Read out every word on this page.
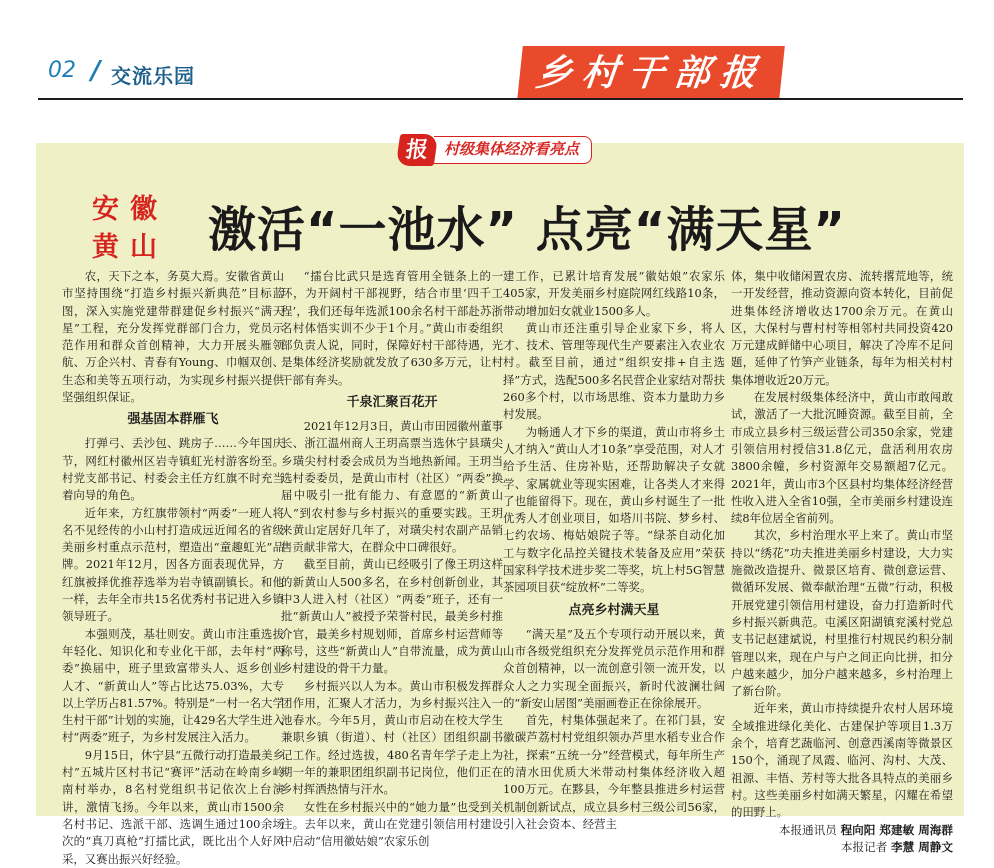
02 / 交流乐园	乡村干部报
报 村级集体经济看亮点
安徽
黄山 激活“一池水” 点亮“满天星”

农，天下之本，务莫大焉。安徽省黄山市坚持围绕“打造乡村振兴新典范”目标蓝图，深入实施党建带群建促乡村振兴“满天星”工程，充分发挥党群部门合力，党员示范作用和群众首创精神，大力开展头雁领航、万企兴村、青春有Young、巾帼双创、生态和美等五项行动，为实现乡村振兴提供坚强组织保证。

强基固本群雁飞

打弹弓、丢沙包、跳房子……今年国庆节，网红村徽州区岩寺镇虹光村游客纷至。村党支部书记、村委会主任方红旗不时充当着向导的角色。

近年来，方红旗带领村“两委”一班人将名不见经传的小山村打造成远近闻名的省级美丽乡村重点示范村，塑造出“童趣虹光”品牌。2021年12月，因各方面表现优异，方红旗被择优推荐选举为岩寺镇副镇长。和他一样，去年全市共15名优秀村书记进入乡镇领导班子。

本强则茂，基壮则安。黄山市注重选拔年轻化、知识化和专业化干部，去年村“两委”换届中，班子里致富带头人、返乡创业人才、“新黄山人”等占比达75.03%，大专以上学历占81.57%。特别是“一村一名大学生村干部”计划的实施，让429名大学生进入村“两委”班子，为乡村发展注入活力。

9月15日，休宁县“五微行动打造最美乡村”五城片区村书记“赛评”活动在岭南乡岭南村举办，8名村党组织书记依次上台演讲，激情飞扬。今年以来，黄山市1500余名村书记、选派干部、选调生通过100余场次的“真刀真枪”打擂比武，既比出个人好风采，又赛出振兴好经验。

“擂台比武只是选育管用全链条上的一环，为开阔村干部视野，结合市里‘四千工程’，我们还每年选派100余名村干部赴苏浙名村体悟实训不少于1个月。”黄山市委组织部负责人说，同时，保障好村干部待遇，光是集体经济奖励就发放了630多万元，让村干部有奔头。

千泉汇聚百花开

2021年12月3日，黄山市田园徽州董事长、浙江温州商人王玥高票当选休宁县璜尖乡璜尖村村委会成员为当地热新闻。王玥当选村委委员，是黄山市村（社区）“两委”换届中吸引一批有能力、有意愿的“新黄山人”到农村参与乡村振兴的重要实践。王玥来黄山定居好几年了，对璜尖村农副产品销售贡献非常大，在群众中口碑很好。

截至目前，黄山已经吸引了像王玥这样的新黄山人500多名，在乡村创新创业，其中3人进入村（社区）“两委”班子，还有一批“新黄山人”被授予荣誉村民，最美乡村推介官，最美乡村规划师，首席乡村运营师等称号，这些“新黄山人”自带流量，成为黄山乡村建设的骨干力量。

乡村振兴以人为本。黄山市积极发挥群团作用，汇聚人才活力，为乡村振兴注入一池春水。今年5月，黄山市启动在校大学生兼职乡镇（街道）、村（社区）团组织副书记工作。经过选拔，480名青年学子走上为期一年的兼职团组织副书记岗位，他们正在乡村挥洒热情与汗水。

女性在乡村振兴中的“她力量”也受到关注。去年以来，黄山在党建引领信用村建设中启动“信用徽姑娘”农家乐创

建工作，已累计培育发展“徽姑娘”农家乐405家，开发美丽乡村庭院网红线路10条，带动增加妇女就业1500多人。

黄山市还注重引导企业家下乡，将人才、技术、管理等现代生产要素注入农业农村。截至目前，通过“组织安排+自主选择”方式，选配500多名民营企业家结对帮扶260多个村，以市场思维、资本力量助力乡村发展。

为畅通人才下乡的渠道，黄山市将乡土人才纳入“黄山人才10条”享受范围，对人才给予生活、住房补贴，还帮助解决子女就学、家属就业等现实困难，让各类人才来得了也能留得下。现在，黄山乡村诞生了一批优秀人才创业项目，如塔川书院、梦乡村、七约农场、梅姑娘院子等。“绿茶自动化加工与数字化品控关键技术装备及应用”荣获国家科学技术进步奖二等奖，坑上村5G智慧茶园项目获“绽放杯”二等奖。

点亮乡村满天星

“满天星”及五个专项行动开展以来，黄山市各级党组织充分发挥党员示范作用和群众首创精神，以一流创意引领一流开发，以众人之力实现全面振兴，新时代波澜壮阔的“新安山居图”美丽画卷正在徐徐展开。

首先，村集体强起来了。在祁门县，安徽碳芦荔村村党组织领办芦里水稻专业合作社，探索“五统一分”经营模式，每年所生产的清水田优质大米带动村集体经济收入超100万元。在黟县，今年整县推进乡村运营机制创新试点，成立县乡村三级公司56家，引入社会资本、经营主

体，集中收储闲置农房、流转撂荒地等，统一开发经营，推动资源向资本转化，目前促进集体经济增收达1700余万元。在黄山区，大保村与曹村村等相邻村共同投资420万元建成鲜储中心项目，解决了冷库不足问题，延伸了竹笋产业链条，每年为相关村村集体增收近20万元。

在发展村级集体经济中，黄山市敢闯敢试，激活了一大批沉睡资源。截至目前，全市成立县乡村三级运营公司350余家，党建引领信用村授信31.8亿元，盘活利用农房3800余幢，乡村资源年交易额超7亿元。2021年，黄山市3个区县村均集体经济经营性收入进入全省10强，全市美丽乡村建设连续8年位居全省前列。

其次，乡村治理水平上来了。黄山市坚持以“绣花”功夫推进美丽乡村建设，大力实施微改造提升、微景区培育、微创意运营、微循环发展、微奉献治理“五微”行动，积极开展党建引领信用村建设，奋力打造新时代乡村振兴新典范。屯溪区阳湖镇兖溪村党总支书记赵建斌说，村里推行村规民约积分制管理以来，现在户与户之间正向比拼，扣分户越来越少，加分户越来越多，乡村治理上了新台阶。

近年来，黄山市持续提升农村人居环境全域推进绿化美化、古建保护等项目1.3万余个，培育艺蔬临河、创意西溪南等微景区150个，涌现了凤霞、临河、沟村、大茂、祖源、丰悟、芳村等大批各具特点的美丽乡村。这些美丽乡村如满天繁星，闪耀在希望的田野上。

本报通讯员 程向阳 郑建敏 周海群
本报记者 李慧 周静文
